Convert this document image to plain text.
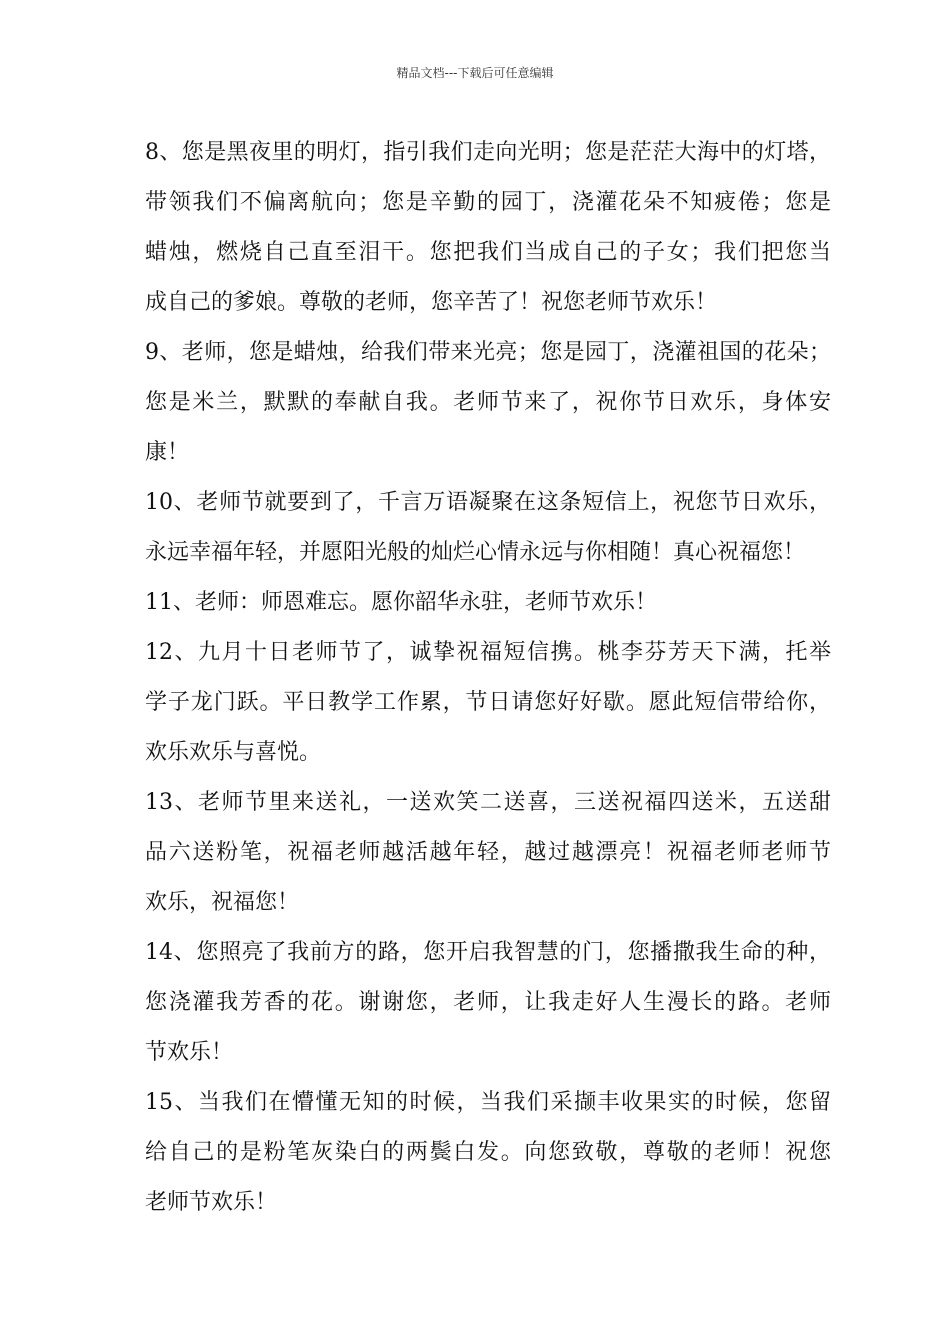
精品文档---下载后可任意编辑
8、您是黑夜里的明灯，指引我们走向光明；您是茫茫大海中的灯塔，
带领我们不偏离航向；您是辛勤的园丁，浇灌花朵不知疲倦；您是
蜡烛，燃烧自己直至泪干。您把我们当成自己的子女；我们把您当
成自己的爹娘。尊敬的老师，您辛苦了！祝您老师节欢乐！
9、老师，您是蜡烛，给我们带来光亮；您是园丁，浇灌祖国的花朵；
您是米兰，默默的奉献自我。老师节来了，祝你节日欢乐，身体安
康！
10、老师节就要到了，千言万语凝聚在这条短信上，祝您节日欢乐，
永远幸福年轻，并愿阳光般的灿烂心情永远与你相随！真心祝福您！
11、老师：师恩难忘。愿你韶华永驻，老师节欢乐！
12、九月十日老师节了，诚挚祝福短信携。桃李芬芳天下满，托举
学子龙门跃。平日教学工作累，节日请您好好歇。愿此短信带给你，
欢乐欢乐与喜悦。
13、老师节里来送礼，一送欢笑二送喜，三送祝福四送米，五送甜
品六送粉笔，祝福老师越活越年轻，越过越漂亮！祝福老师老师节
欢乐，祝福您！
14、您照亮了我前方的路，您开启我智慧的门，您播撒我生命的种，
您浇灌我芳香的花。谢谢您，老师，让我走好人生漫长的路。老师
节欢乐！
15、当我们在懵懂无知的时候，当我们采撷丰收果实的时候，您留
给自己的是粉笔灰染白的两鬓白发。向您致敬，尊敬的老师！祝您
老师节欢乐！
